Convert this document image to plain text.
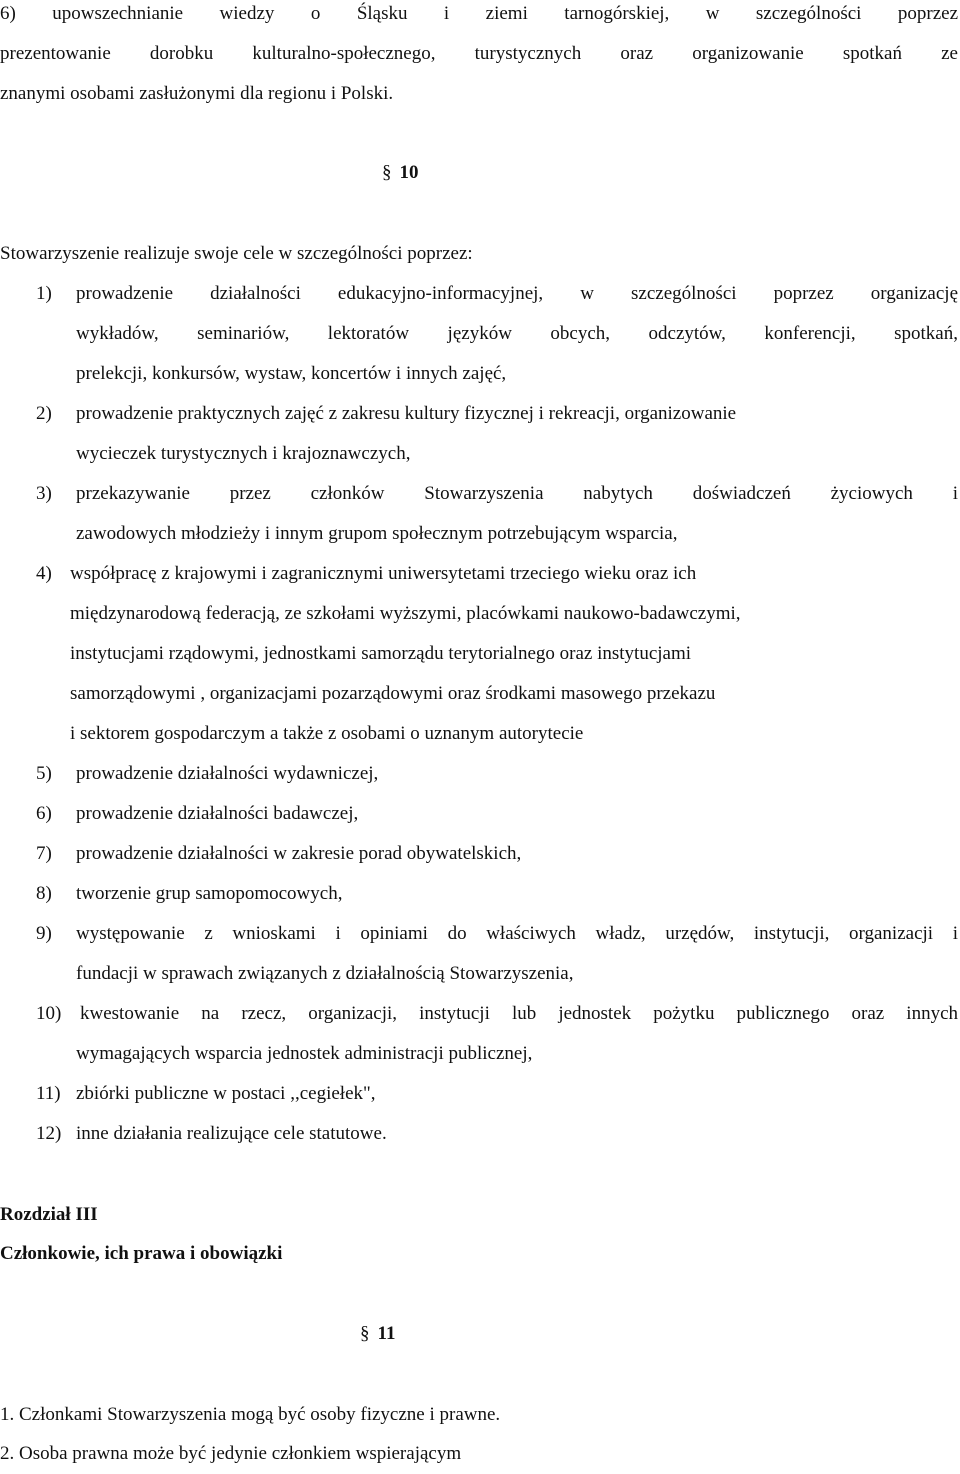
6) upowszechnianie wiedzy o Śląsku i ziemi tarnogórskiej, w szczególności poprzez
prezentowanie dorobku kulturalno-społecznego, turystycznych oraz organizowanie spotkań ze
znanymi osobami zasłużonymi dla regionu i Polski.
§ 10
Stowarzyszenie realizuje swoje cele w szczególności poprzez:
1)	prowadzenie działalności edukacyjno-informacyjnej, w szczególności poprzez organizację
wykładów, seminariów, lektoratów języków obcych, odczytów, konferencji, spotkań,
prelekcji, konkursów, wystaw, koncertów i innych zajęć,
2)	prowadzenie praktycznych zajęć z zakresu kultury fizycznej i rekreacji, organizowanie
wycieczek turystycznych i krajoznawczych,
3)	przekazywanie przez członków Stowarzyszenia nabytych doświadczeń życiowych i
zawodowych młodzieży i innym grupom społecznym potrzebującym wsparcia,
4) współpracę z krajowymi i zagranicznymi uniwersytetami trzeciego wieku oraz ich
międzynarodową federacją, ze szkołami wyższymi, placówkami naukowo-badawczymi,
instytucjami rządowymi, jednostkami samorządu terytorialnego oraz instytucjami
samorządowymi , organizacjami pozarządowymi oraz środkami masowego przekazu
i sektorem gospodarczym a także z osobami o uznanym autorytecie
5)	prowadzenie działalności wydawniczej,
6)	prowadzenie działalności badawczej,
7)	prowadzenie działalności w zakresie porad obywatelskich,
8)	tworzenie grup samopomocowych,
9)	występowanie z wnioskami i opiniami do właściwych władz, urzędów, instytucji, organizacji i
fundacji w sprawach związanych z działalnością Stowarzyszenia,
10) kwestowanie na rzecz, organizacji, instytucji lub jednostek pożytku publicznego oraz innych
wymagających wsparcia jednostek administracji publicznej,
11) zbiórki publiczne w postaci ,,cegiełek",
12) inne działania realizujące cele statutowe.
Rozdział III
Członkowie, ich prawa i obowiązki
§ 11
1. Członkami Stowarzyszenia mogą być osoby fizyczne i prawne.
2. Osoba prawna może być jedynie członkiem wspierającym
